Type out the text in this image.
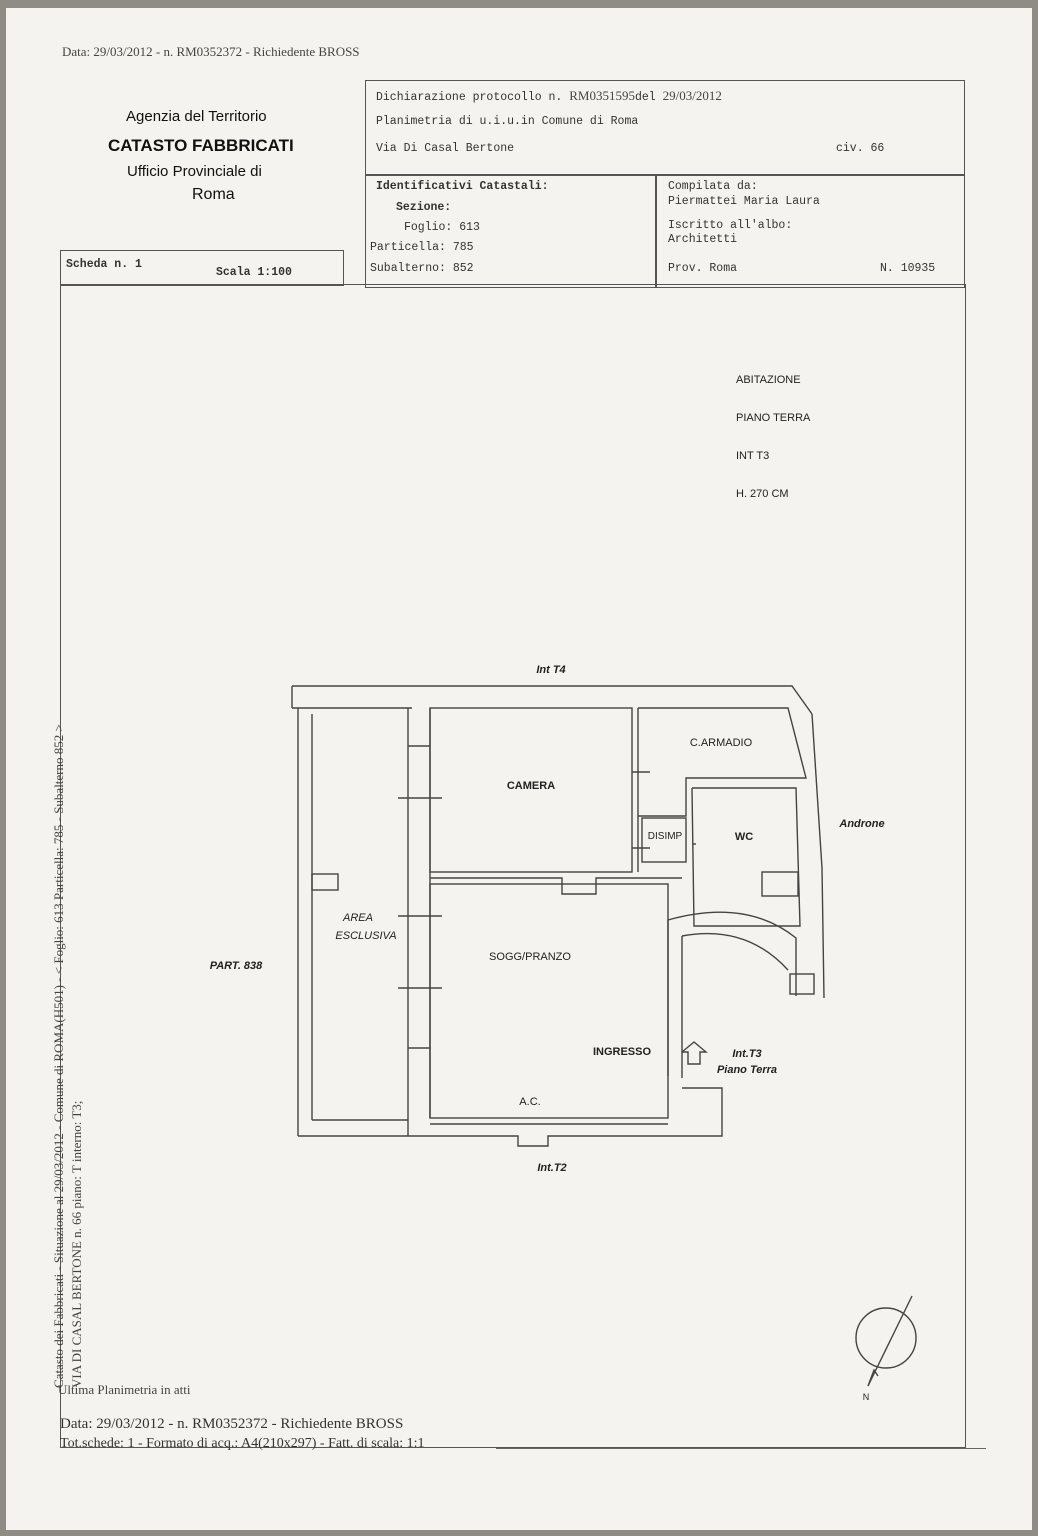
Data: 29/03/2012 - n. RM0352372 - Richiedente BROSS
Agenzia del Territorio
CATASTO FABBRICATI
Ufficio Provinciale di
Roma
Dichiarazione protocollo n. RM0351595del 29/03/2012
Planimetria di u.i.u.in Comune di Roma
Via Di Casal Bertone	civ. 66
Identificativi Catastali:
Sezione:
Foglio: 613
Particella: 785
Subalterno: 852
Compilata da:
Piermattei Maria Laura
Iscritto all'albo:
Architetti
Prov. Roma	N. 10935
Scheda n. 1
Scala 1:100
ABITAZIONE
PIANO TERRA
INT T3
H. 270 CM
Int T4
CAMERA
C.ARMADIO
DISIMP	WC
Androne
AREA
ESCLUSIVA
SOGG/PRANZO
INGRESSO
A.C.
Int.T2
PART. 838
Int.T3
Piano Terra
N
Catasto dei Fabbricati - Situazione al 29/03/2012 - Comune di ROMA(H501) - < Foglio: 613 Particella: 785 - Subalterno 852 > VIA DI CASAL BERTONE n. 66 piano: T interno: T3;
Ultima Planimetria in atti
Data: 29/03/2012 - n. RM0352372 - Richiedente BROSS
Tot.schede: 1 - Formato di acq.: A4(210x297) - Fatt. di scala: 1:1
